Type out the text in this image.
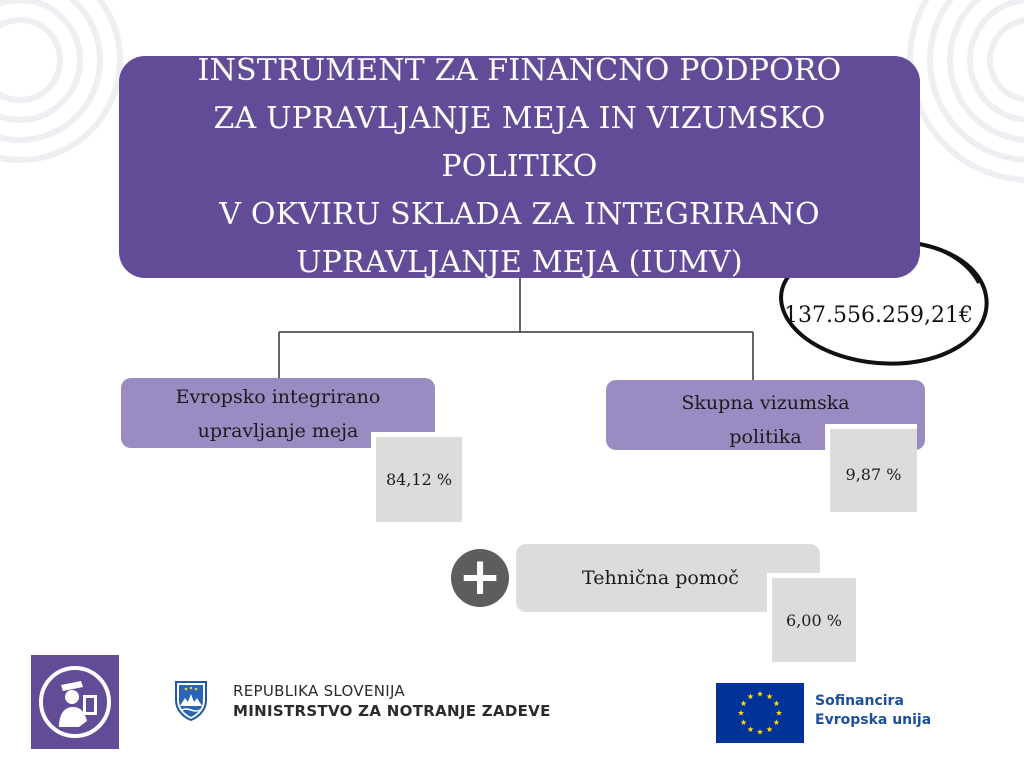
INSTRUMENT ZA FINANČNO PODPORO
ZA UPRAVLJANJE MEJA IN VIZUMSKO POLITIKO
V OKVIRU SKLADA ZA INTEGRIRANO
UPRAVLJANJE MEJA (IUMV)
137.556.259,21€
Evropsko integrirano upravljanje meja
84,12 %
Skupna vizumska politika
9,87 %
+	Tehnična pomoč
6,00 %
REPUBLIKA SLOVENIJA
MINISTRSTVO ZA NOTRANJE ZADEVE
Sofinancira
Evropska unija
